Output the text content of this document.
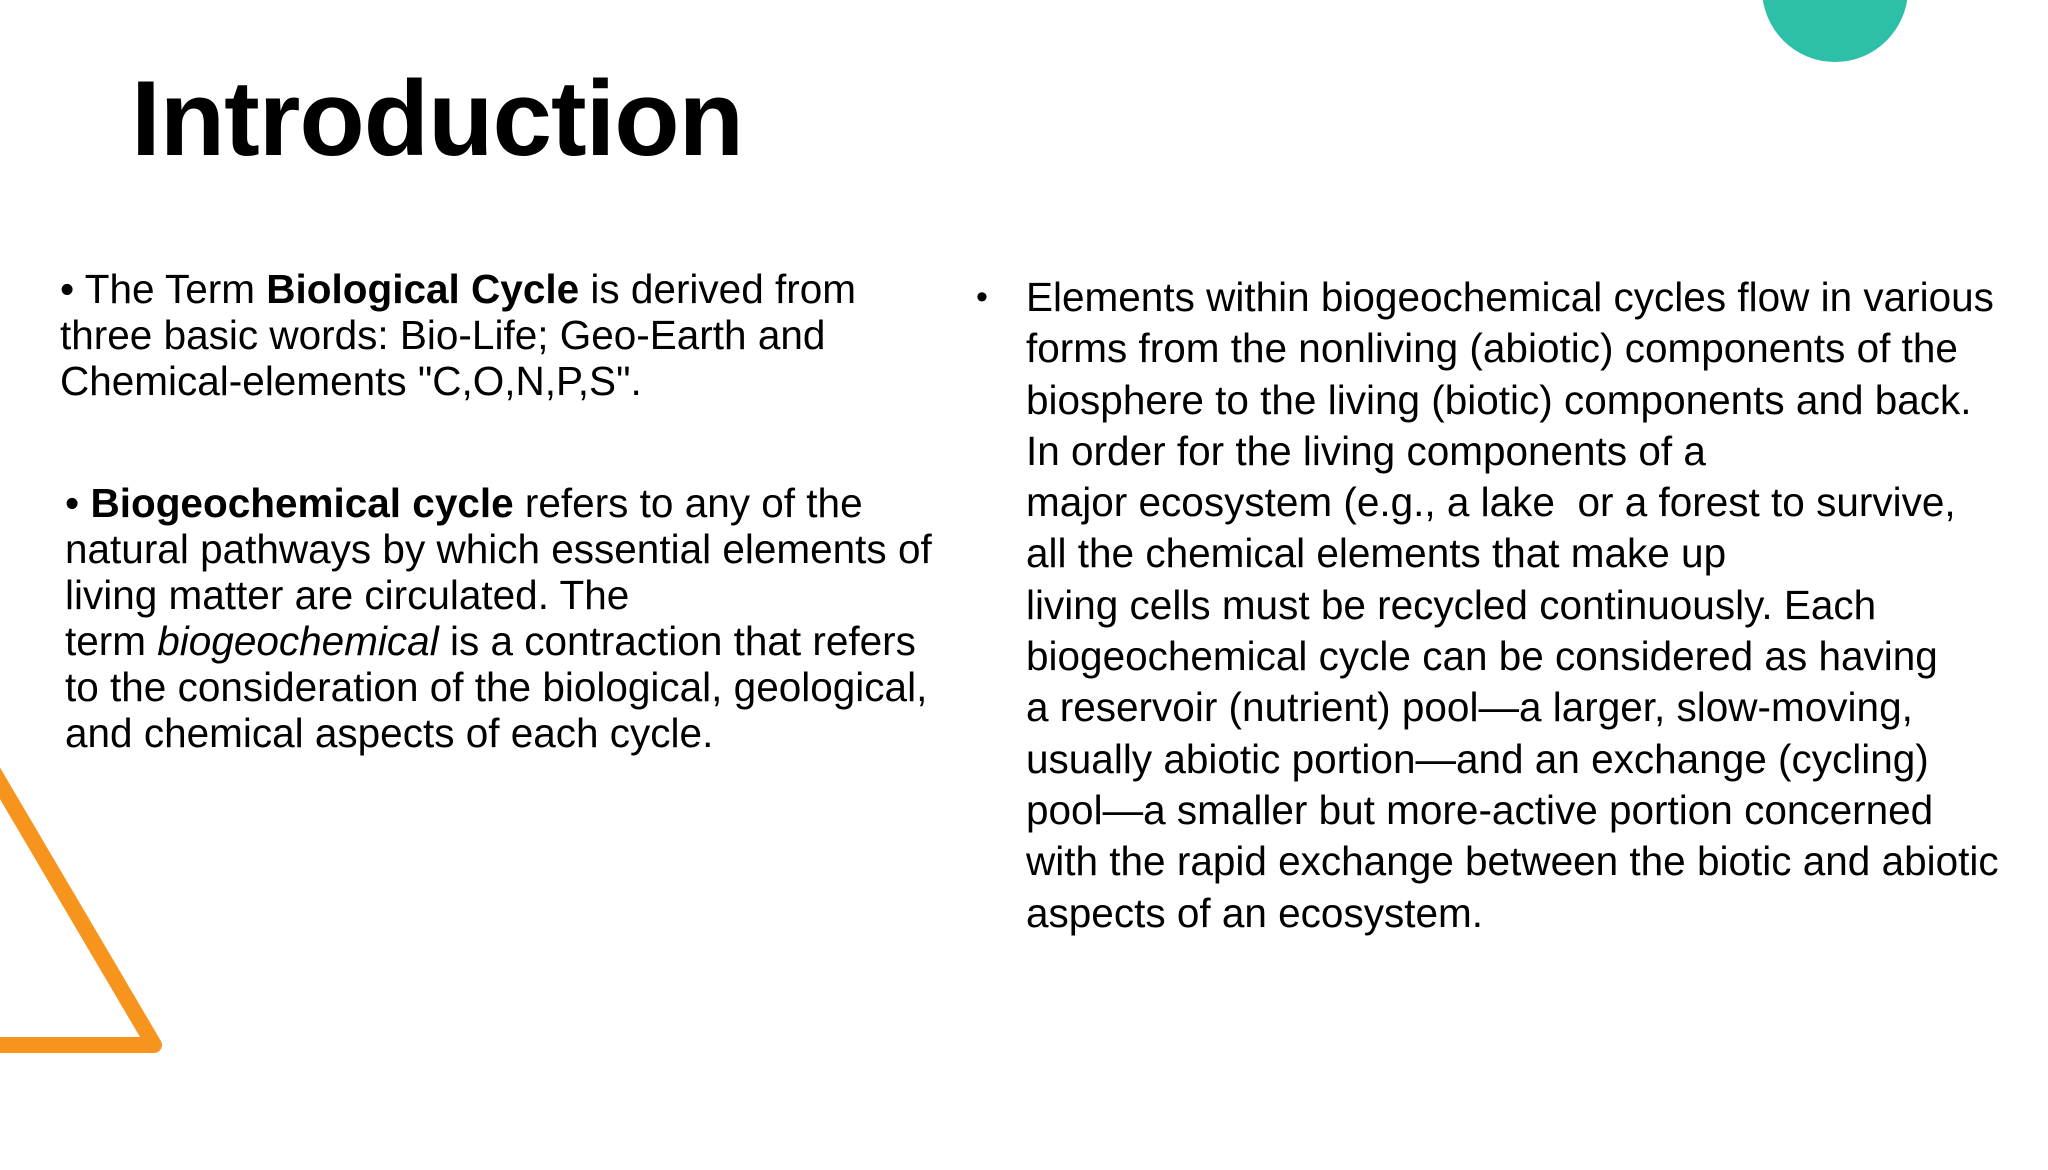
Introduction
• The Term Biological Cycle is derived from
three basic words: Bio-Life; Geo-Earth and
Chemical-elements "C,O,N,P,S".
• Biogeochemical cycle refers to any of the
natural pathways by which essential elements of
living matter are circulated. The
term biogeochemical is a contraction that refers
to the consideration of the biological, geological,
and chemical aspects of each cycle.
• Elements within biogeochemical cycles flow in various
forms from the nonliving (abiotic) components of the
biosphere to the living (biotic) components and back.
In order for the living components of a
major ecosystem (e.g., a lake  or a forest to survive,
all the chemical elements that make up
living cells must be recycled continuously. Each
biogeochemical cycle can be considered as having
a reservoir (nutrient) pool—a larger, slow-moving,
usually abiotic portion—and an exchange (cycling)
pool—a smaller but more-active portion concerned
with the rapid exchange between the biotic and abiotic
aspects of an ecosystem.
